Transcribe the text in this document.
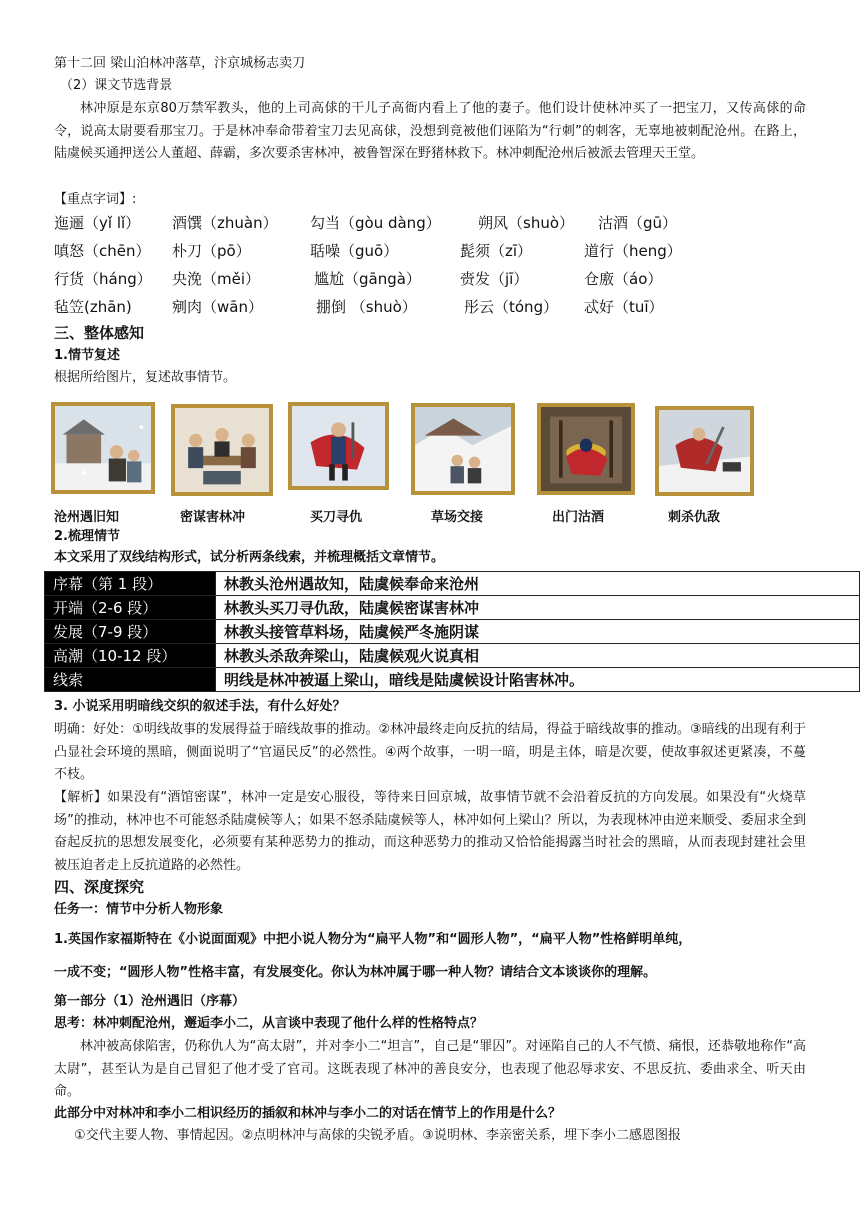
第十二回 梁山泊林冲落草，汴京城杨志卖刀
（2）课文节选背景
林冲原是东京80万禁军教头，他的上司高俅的干儿子高衙内看上了他的妻子。他们设计使林冲买了一把宝刀，又传高俅的命令，说高太尉要看那宝刀。于是林冲奉命带着宝刀去见高俅，没想到竟被他们诬陷为“行刺”的刺客，无辜地被刺配沧州。在路上，陆虞候买通押送公人董超、薛霸，多次要杀害林冲，被鲁智深在野猪林救下。林冲刺配沧州后被派去管理天王堂。
【重点字词】:
迤逦（yǐ lǐ） 酒馔（zhuàn） 勾当（gòu dàng） 朔风（shuò） 沽酒（gū）
嗔怒（chēn） 朴刀（pō）	聒噪（guō）	髭须（zī）	道行（heng）
行货（háng） 央浼（měi）	尴尬（gāngà）	赍发（jī）	仓廒（áo）
毡笠(zhān)	剜肉（wān）	掤倒 （shuò）	彤云（tóng） 忒好（tuī）
三、整体感知
1.情节复述
根据所给图片，复述故事情节。
沧州遇旧知	密谋害林冲	买刀寻仇	草场交接	出门沽酒	刺杀仇敌
2.梳理情节
本文采用了双线结构形式，试分析两条线索，并梳理概括文章情节。
序幕（第 1 段）	林教头沧州遇故知，陆虞候奉命来沧州
开端（2-6 段）	林教头买刀寻仇敌，陆虞候密谋害林冲
发展（7-9 段）	林教头接管草料场，陆虞候严冬施阴谋
高潮（10-12 段）	林教头杀敌奔梁山，陆虞候观火说真相
线索	明线是林冲被逼上梁山，暗线是陆虞候设计陷害林冲。
3. 小说采用明暗线交织的叙述手法，有什么好处？
明确：好处：①明线故事的发展得益于暗线故事的推动。②林冲最终走向反抗的结局，得益于暗线故事的推动。③暗线的出现有利于凸显社会环境的黑暗，侧面说明了“官逼民反”的必然性。④两个故事，一明一暗，明是主体，暗是次要，使故事叙述更紧凑，不蔓不枝。
【解析】如果没有“酒馆密谋”，林冲一定是安心服役，等待来日回京城，故事情节就不会沿着反抗的方向发展。如果没有“火烧草场”的推动，林冲也不可能怒杀陆虞候等人；如果不怒杀陆虞候等人，林冲如何上梁山？所以，为表现林冲由逆来顺受、委屈求全到奋起反抗的思想发展变化，必须要有某种恶势力的推动，而这种恶势力的推动又恰恰能揭露当时社会的黑暗，从而表现封建社会里被压迫者走上反抗道路的必然性。
四、深度探究
任务一：情节中分析人物形象
1.英国作家福斯特在《小说面面观》中把小说人物分为“扁平人物”和“圆形人物”，“扁平人物”性格鲜明单纯，
一成不变；“圆形人物”性格丰富，有发展变化。你认为林冲属于哪一种人物？请结合文本谈谈你的理解。
第一部分（1）沧州遇旧（序幕）
思考：林冲刺配沧州，邂逅李小二，从言谈中表现了他什么样的性格特点？
林冲被高俅陷害，仍称仇人为“高太尉”，并对李小二“坦言”，自己是“罪囚”。对诬陷自己的人不气愤、痛恨，还恭敬地称作“高太尉”，甚至认为是自己冒犯了他才受了官司。这既表现了林冲的善良安分，也表现了他忍辱求安、不思反抗、委曲求全、听天由命。
此部分中对林冲和李小二相识经历的插叙和林冲与李小二的对话在情节上的作用是什么？
①交代主要人物、事情起因。②点明林冲与高俅的尖锐矛盾。③说明林、李亲密关系，埋下李小二感恩图报
